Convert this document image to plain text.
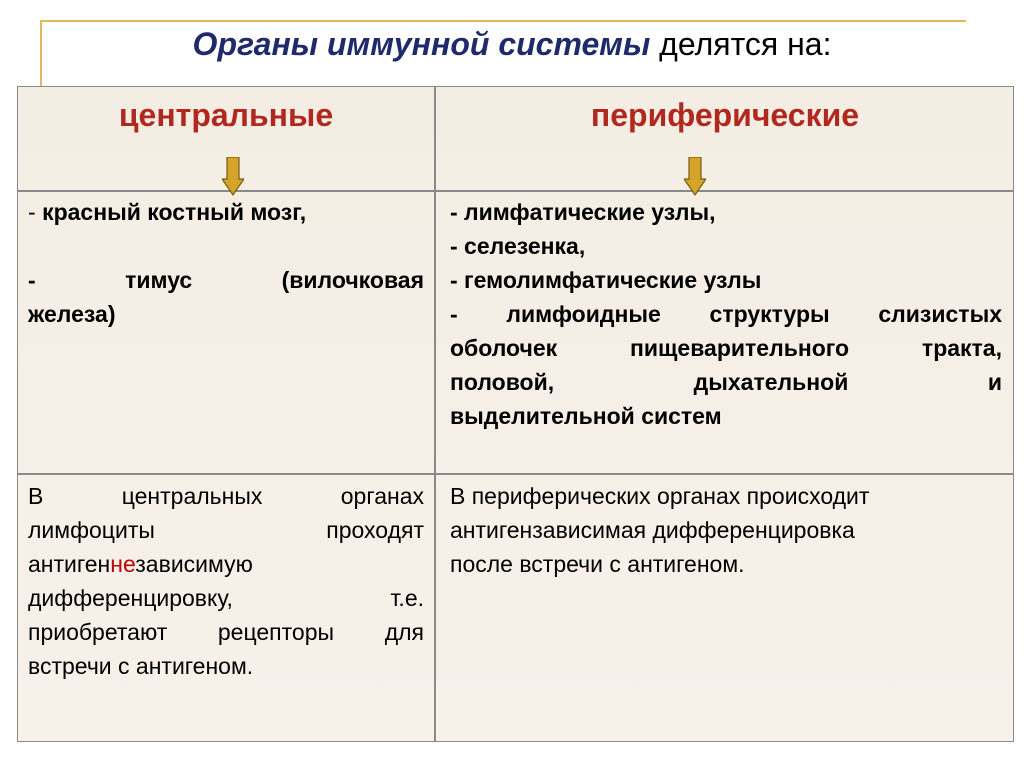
Органы иммунной системы делятся на:
центральные	периферические
- красный костный мозг,
- тимус	(вилочковая
железа)
- лимфатические узлы,
- селезенка,
- гемолимфатические узлы
- лимфоидные структуры слизистых
оболочек пищеварительного тракта,
половой, дыхательной и
выделительной систем
В центральных органах
лимфоциты проходят
антигеннезависимую
дифференцировку, т.е.
приобретают рецепторы для
встречи с антигеном.
В периферических органах происходит
антигензависимая дифференцировка
после встречи с антигеном.
